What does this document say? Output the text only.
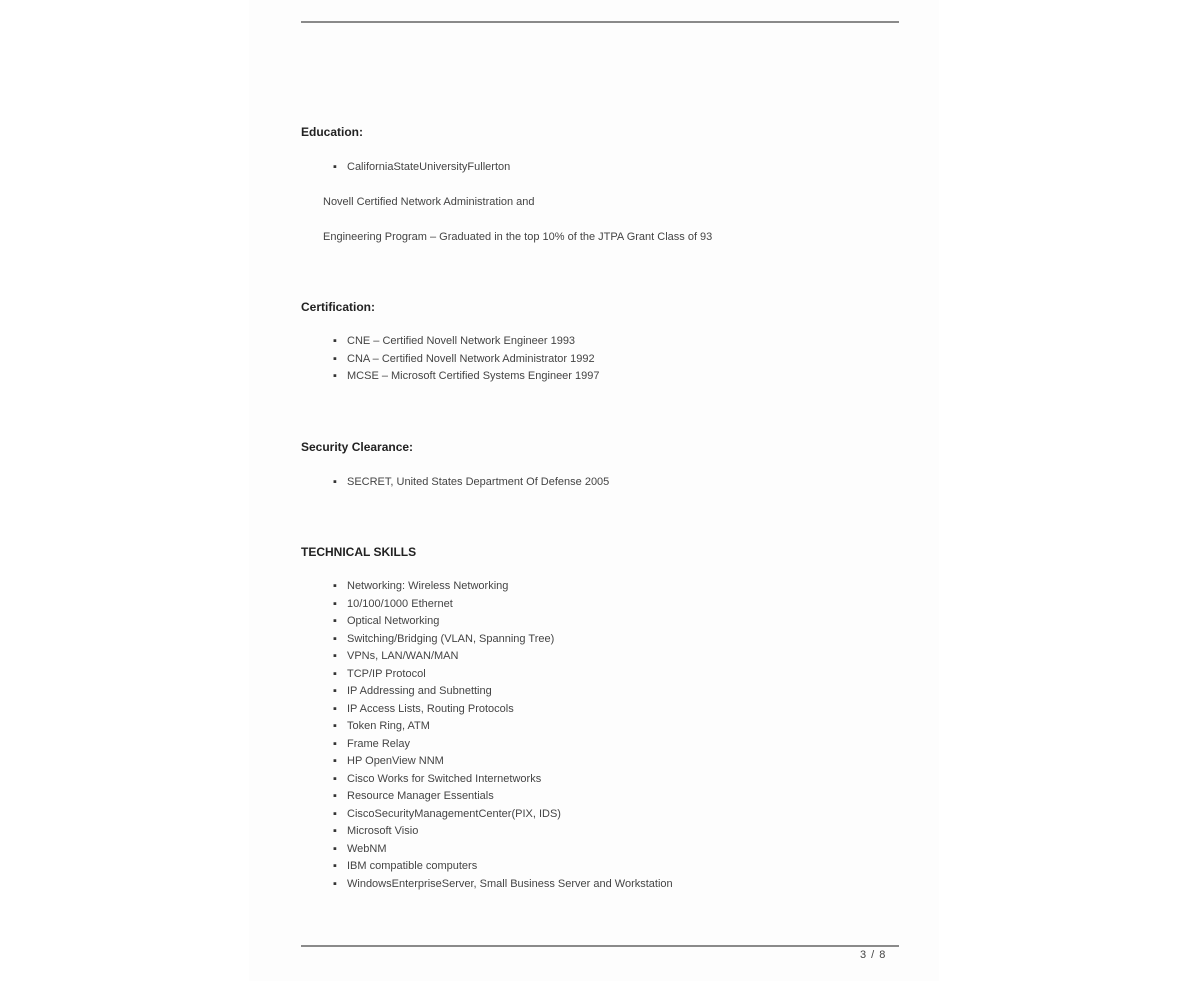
Education:
▪ CaliforniaStateUniversityFullerton
Novell Certified Network Administration and
Engineering Program – Graduated in the top 10% of the JTPA Grant Class of 93
Certification:
▪ CNE – Certified Novell Network Engineer 1993
▪ CNA – Certified Novell Network Administrator 1992
▪ MCSE – Microsoft Certified Systems Engineer 1997
Security Clearance:
▪ SECRET, United States Department Of Defense 2005
TECHNICAL SKILLS
▪ Networking: Wireless Networking
▪ 10/100/1000 Ethernet
▪ Optical Networking
▪ Switching/Bridging (VLAN, Spanning Tree)
▪ VPNs, LAN/WAN/MAN
▪ TCP/IP Protocol
▪ IP Addressing and Subnetting
▪ IP Access Lists, Routing Protocols
▪ Token Ring, ATM
▪ Frame Relay
▪ HP OpenView NNM
▪ Cisco Works for Switched Internetworks
▪ Resource Manager Essentials
▪ CiscoSecurityManagementCenter(PIX, IDS)
▪ Microsoft Visio
▪ WebNM
▪ IBM compatible computers
▪ WindowsEnterpriseServer, Small Business Server and Workstation
3 / 8
